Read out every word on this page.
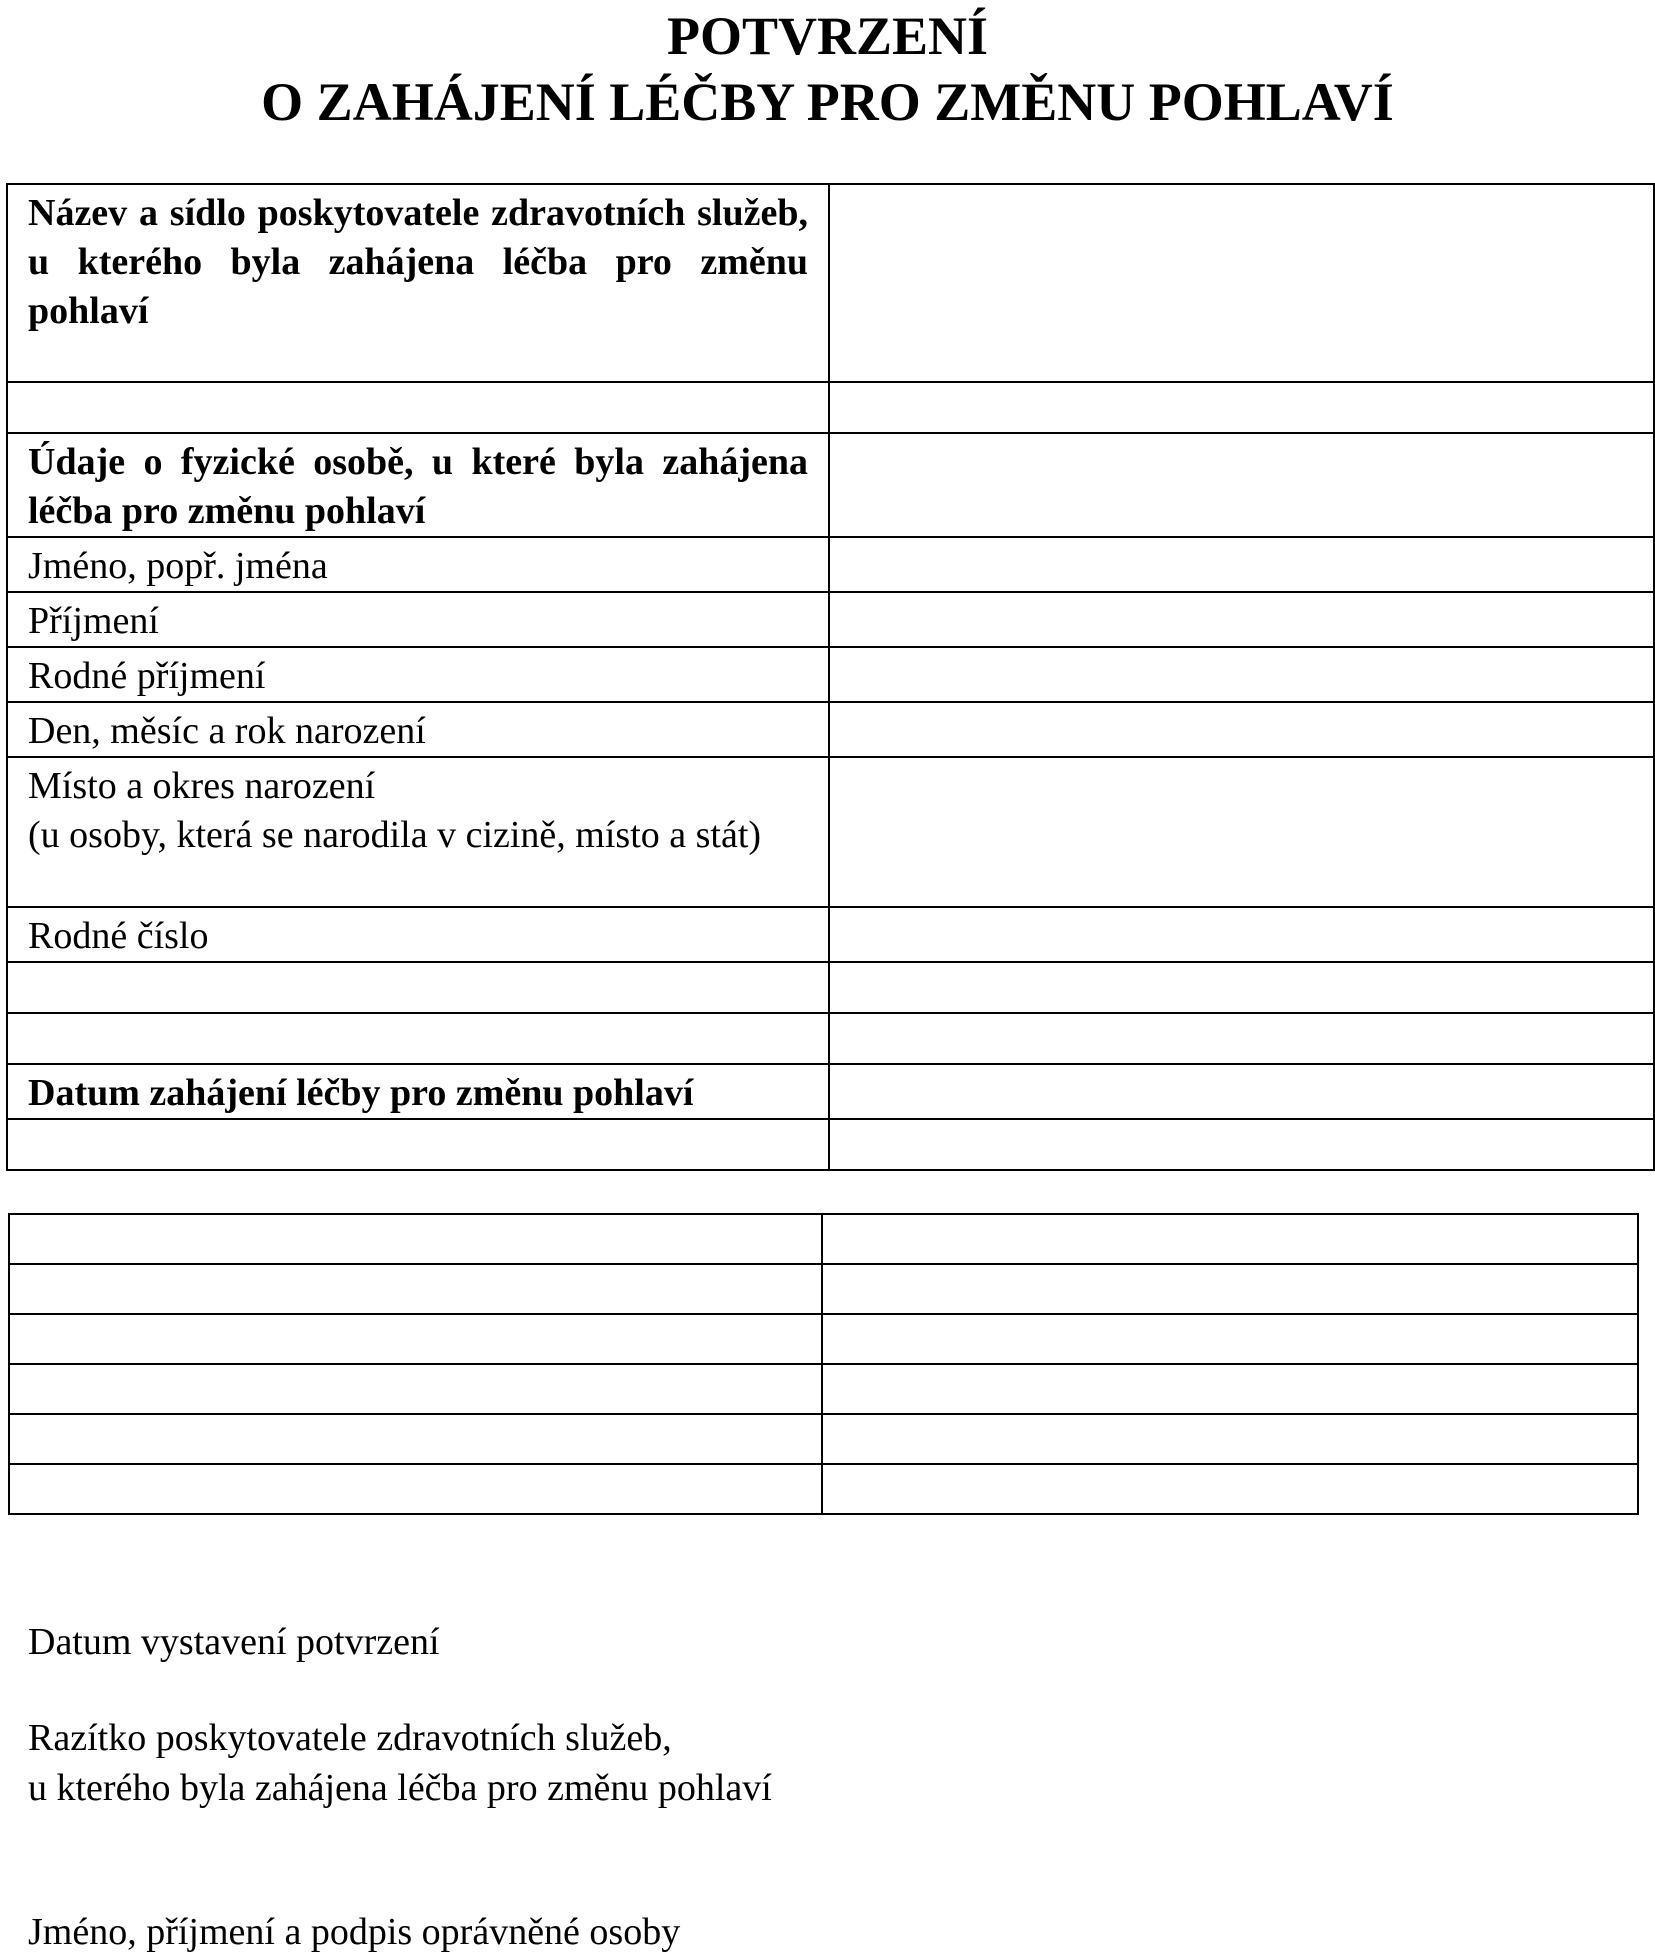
POTVRZENÍ
O ZAHÁJENÍ LÉČBY PRO ZMĚNU POHLAVÍ
Název a sídlo poskytovatele zdravotních služeb, u kterého byla zahájena léčba pro změnu pohlaví	

Údaje o fyzické osobě, u které byla zahájena léčba pro změnu pohlaví	
Jméno, popř. jména	
Příjmení	
Rodné příjmení	
Den, měsíc a rok narození	

Místo a okres narození
(u osoby, která se narodila v cizině, místo a stát)	

Rodné číslo	

Datum zahájení léčby pro změnu pohlaví	

Datum vystavení potvrzení

Razítko poskytovatele zdravotních služeb,

u kterého byla zahájena léčba pro změnu pohlaví

Jméno, příjmení a podpis oprávněné osoby
